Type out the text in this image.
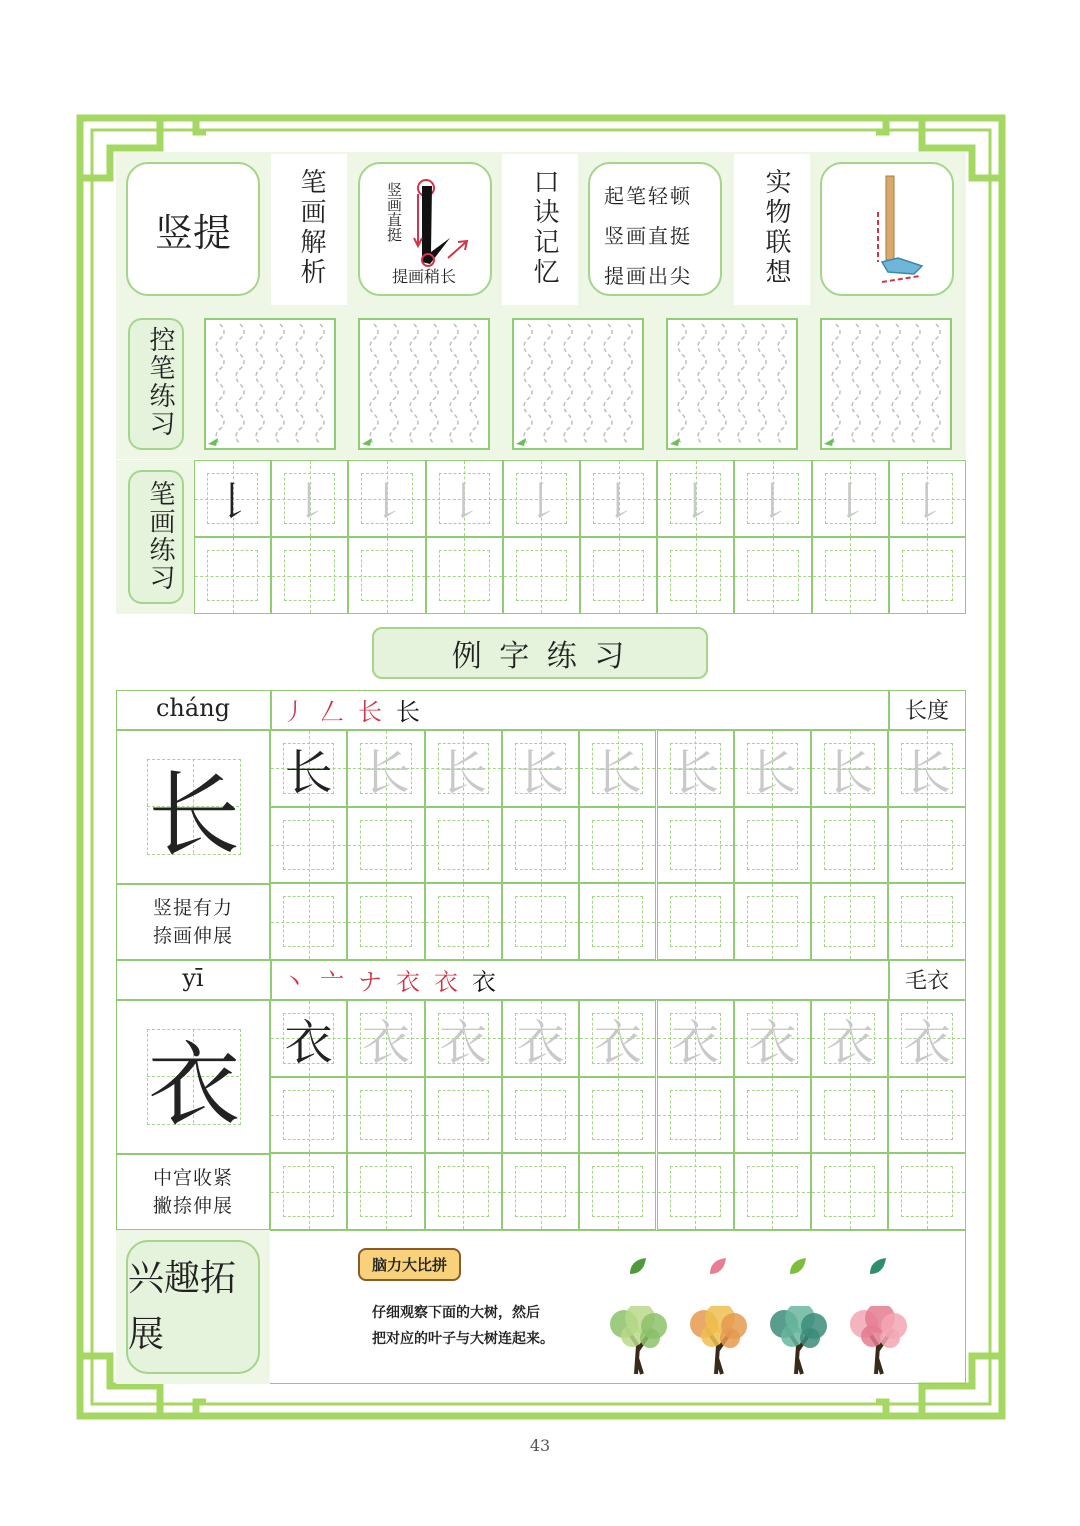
竖提	笔画解析	竖画直挺
提画稍长	口诀记忆 起笔轻顿
竖画直挺
提画出尖	实物联想
控笔练习
笔画练习 𠄌 𠄌 𠄌 𠄌 𠄌 𠄌 𠄌 𠄌 𠄌 𠄌
例 字 练 习
cháng	丿 𠃋 长 长	长度
长
竖提有力
捺画伸展
长 长 长 长 长 长 长 长 长
yī	丶 亠 ナ 衣 衣 衣	毛衣
衣
中宫收紧
撇捺伸展
衣 衣 衣 衣 衣 衣 衣 衣 衣
兴趣拓展
脑力大比拼
仔细观察下面的大树，然后
把对应的叶子与大树连起来。
43
